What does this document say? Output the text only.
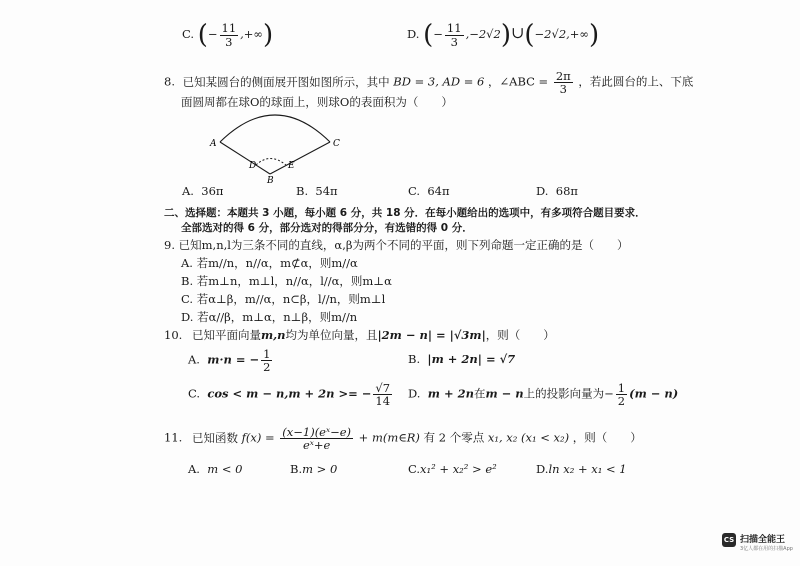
C. (− $\frac{11}{3}$ ,+∞)	D. (− $\frac{11}{3}$ ,−2√2)∪(−2√2,+∞)
8. 已知某圆台的侧面展开图如图所示，其中 BD = 3, AD = 6 ，∠ABC = $\frac{2\pi}{3}$ ，若此圆台的上、下底
面圆周都在球O的球面上，则球O的表面积为（　　）
A	C
D	E
B
A. 36π	B. 54π	C. 64π	D. 68π
二、选择题：本题共 3 小题，每小题 6 分，共 18 分．在每小题给出的选项中，有多项符合题目要求．
全部选对的得 6 分，部分选对的得部分分，有选错的得 0 分．
9. 已知m,n,l为三条不同的直线，α,β为两个不同的平面，则下列命题一定正确的是（　　）
A. 若m//n，n//α，m⊄α，则m//α
B. 若m⊥n，m⊥l，n//α，l//α，则m⊥α
C. 若α⊥β，m//α，n⊂β，l//n，则m⊥l
D. 若α//β，m⊥α，n⊥β，则m//n
10. 已知平面向量m,n均为单位向量，且|2m − n| = |√3m|，则（　　）
A. m·n = − $\frac{1}{2}$	B. |m + 2n| = √7
C. cos < m − n,m + 2n >= − $\frac{√7}{14} D$. m + 2n在m − n上的投影向量为− $\frac{1}{2} (m - n)$
11. 已知函数 $f(x) = \frac{\text{(x−1)(eˣ−e)}}{\text{eˣ+e}}$ + m(m∈R) 有 2 个零点 x₁, x₂ (x₁ < x₂) ，则（　　）
A. m < 0	B.m > 0	C.x₁² + x₂² > e²	D.ln x₂ + x₁ < 1
CS 扫描全能王
3亿人都在用的扫描App
